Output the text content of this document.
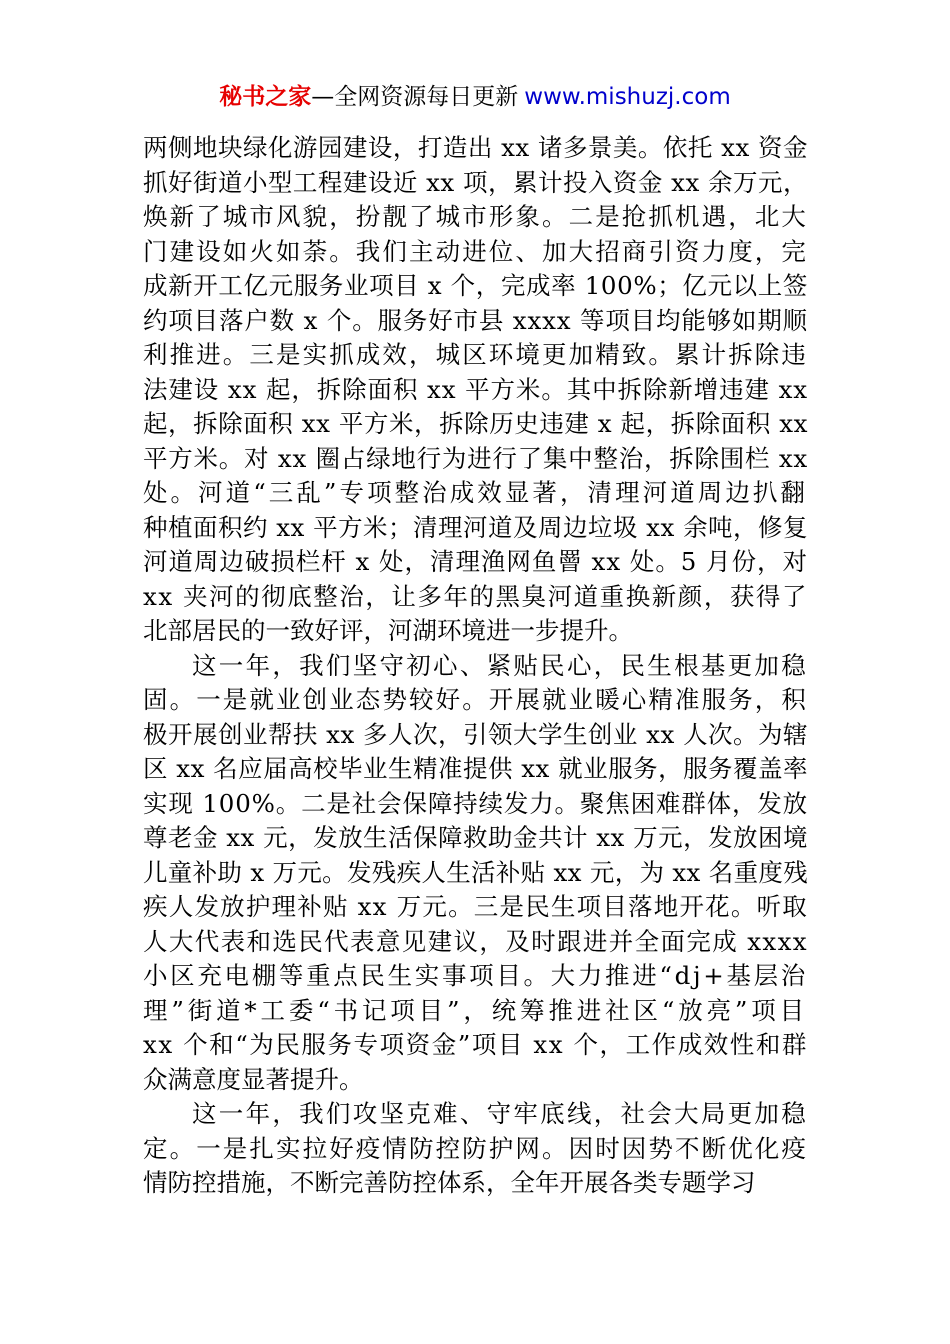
秘书之家—全网资源每日更新 www.mishuzj.com
两侧地块绿化游园建设，打造出 xx 诸多景美。依托 xx 资金
抓好街道小型工程建设近 xx 项，累计投入资金 xx 余万元，
焕新了城市风貌，扮靓了城市形象。二是抢抓机遇，北大
门建设如火如荼。我们主动进位、加大招商引资力度，完
成新开工亿元服务业项目 x 个，完成率 100%；亿元以上签
约项目落户数 x 个。服务好市县 xxxx 等项目均能够如期顺
利推进。三是实抓成效，城区环境更加精致。累计拆除违
法建设 xx 起，拆除面积 xx 平方米。其中拆除新增违建 xx
起，拆除面积 xx 平方米，拆除历史违建 x 起，拆除面积 xx
平方米。对 xx 圈占绿地行为进行了集中整治，拆除围栏 xx
处。河道“三乱”专项整治成效显著，清理河道周边扒翻
种植面积约 xx 平方米；清理河道及周边垃圾 xx 余吨，修复
河道周边破损栏杆 x 处，清理渔网鱼罾 xx 处。5 月份，对
xx 夹河的彻底整治，让多年的黑臭河道重换新颜，获得了
北部居民的一致好评，河湖环境进一步提升。
这一年，我们坚守初心、紧贴民心，民生根基更加稳
固。一是就业创业态势较好。开展就业暖心精准服务，积
极开展创业帮扶 xx 多人次，引领大学生创业 xx 人次。为辖
区 xx 名应届高校毕业生精准提供 xx 就业服务，服务覆盖率
实现 100%。二是社会保障持续发力。聚焦困难群体，发放
尊老金 xx 元，发放生活保障救助金共计 xx 万元，发放困境
儿童补助 x 万元。发残疾人生活补贴 xx 元，为 xx 名重度残
疾人发放护理补贴 xx 万元。三是民生项目落地开花。听取
人大代表和选民代表意见建议，及时跟进并全面完成 xxxx
小区充电棚等重点民生实事项目。大力推进“dj+基层治
理”街道*工委“书记项目”，统筹推进社区“放亮”项目
xx 个和“为民服务专项资金”项目 xx 个，工作成效性和群
众满意度显著提升。
这一年，我们攻坚克难、守牢底线，社会大局更加稳
定。一是扎实拉好疫情防控防护网。因时因势不断优化疫
情防控措施，不断完善防控体系，全年开展各类专题学习
